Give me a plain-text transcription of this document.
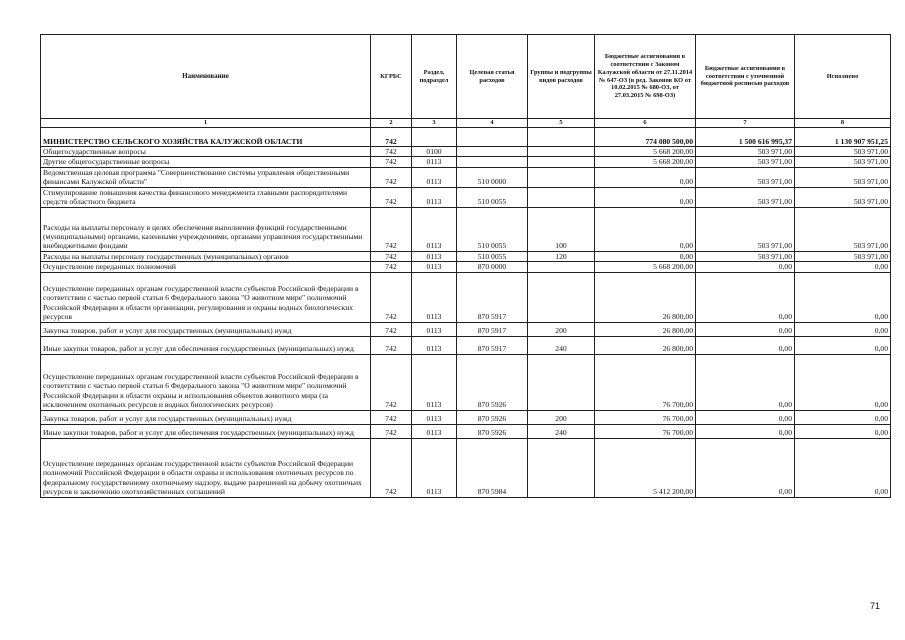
Наименование	КГРБС	Раздел, подраздел	Целевая статья расходов	Группы и подгруппы видов расходов	Бюджетные ассигнования в соответствии с Законом Калужской области от 27.11.2014 № 647-ОЗ (в ред. Законов КО от 10.02.2015 № 680-ОЗ, от 27.03.2015 № 698-ОЗ)	Бюджетные ассигнования в соответствии с уточненной бюджетной росписью расходов	Исполнено
1	2	3	4	5	6	7	8
МИНИСТЕРСТВО СЕЛЬСКОГО ХОЗЯЙСТВА КАЛУЖСКОЙ ОБЛАСТИ	742				774 080 500,00	1 500 616 995,37	1 130 907 951,25
Общегосударственные вопросы	742	0100			5 668 200,00	503 971,00	503 971,00
Другие общегосударственные вопросы	742	0113			5 668 200,00	503 971,00	503 971,00
Ведомственная целевая программа "Совершенствование системы управления общественными финансами Калужской области"	742	0113	510 0000		0,00	503 971,00	503 971,00
Стимулирование повышения качества финансового менеджмента главными распорядителями средств областного бюджета	742	0113	510 0055		0,00	503 971,00	503 971,00
Расходы на выплаты персоналу в целях обеспечения выполнения функций государственными (муниципальными) органами, казенными учреждениями, органами управления государственными внебюджетными фондами	742	0113	510 0055	100	0,00	503 971,00	503 971,00
Расходы на выплаты персоналу государственных (муниципальных) органов	742	0113	510 0055	120	0,00	503 971,00	503 971,00
Осуществление переданных полномочий	742	0113	870 0000		5 668 200,00	0,00	0,00
Осуществление переданных органам государственной власти субъектов Российской Федерации в соответствии с частью первой статьи 6 Федерального закона "О животном мире" полномочий Российской Федерации в области организации, регулирования и охраны водных биологических ресурсов	742	0113	870 5917		26 800,00	0,00	0,00
Закупка товаров, работ и услуг для государственных (муниципальных) нужд	742	0113	870 5917	200	26 800,00	0,00	0,00
Иные закупки товаров, работ и услуг для обеспечения государственных (муниципальных) нужд	742	0113	870 5917	240	26 800,00	0,00	0,00
Осуществление переданных органам государственной власти субъектов Российской Федерации в соответствии с частью первой статьи 6 Федерального закона "О животном мире" полномочий Российской Федерации в области охраны и использования объектов животного мира (за исключением охотничьих ресурсов и водных биологических ресурсов)	742	0113	870 5926		76 700,00	0,00	0,00
Закупка товаров, работ и услуг для государственных (муниципальных) нужд	742	0113	870 5926	200	76 700,00	0,00	0,00
Иные закупки товаров, работ и услуг для обеспечения государственных (муниципальных) нужд	742	0113	870 5926	240	76 700,00	0,00	0,00
Осуществление переданных органам государственной власти субъектов Российской Федерации полномочий Российской Федерации в области охраны и использования охотничьих ресурсов по федеральному государственному охотничьему надзору, выдаче разрешений на добычу охотничьих ресурсов и заключению охотхозяйственных соглашений	742	0113	870 5984		5 412 200,00	0,00	0,00
71
